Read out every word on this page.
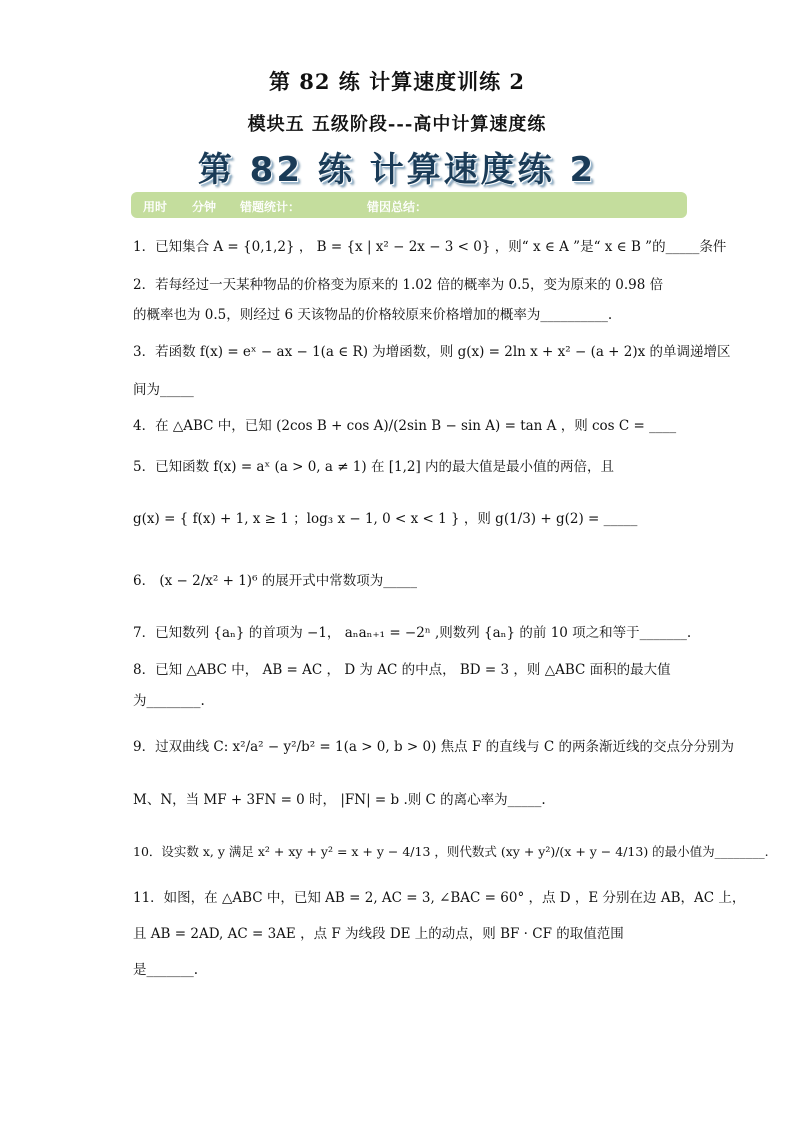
第 82 练 计算速度训练 2
模块五 五级阶段---高中计算速度练
第 82 练 计算速度练 2
用时 分钟 错题统计：	错因总结：
1．已知集合 A = {0,1,2} ， B = {x | x² − 2x − 3 < 0} ，则“ x ∈ A ”是“ x ∈ B ”的_____条件
2．若每经过一天某种物品的价格变为原来的 1.02 倍的概率为 0.5，变为原来的 0.98 倍
的概率也为 0.5，则经过 6 天该物品的价格较原来价格增加的概率为__________.
3．若函数 f(x) = eˣ − ax − 1(a ∈ R) 为增函数，则 g(x) = 2ln x + x² − (a + 2)x 的单调递增区
间为_____
4．在 △ABC 中，已知 (2cos B + cos A)/(2sin B − sin A) = tan A ，则 cos C = ____
5．已知函数 f(x) = aˣ (a > 0, a ≠ 1) 在 [1,2] 内的最大值是最小值的两倍，且
g(x) = { f(x) + 1, x ≥ 1 ；log₃ x − 1, 0 < x < 1 } ，则 g(1/3) + g(2) = _____
6． (x − 2/x² + 1)⁶ 的展开式中常数项为_____
7．已知数列 {aₙ} 的首项为 −1， aₙaₙ₊₁ = −2ⁿ ,则数列 {aₙ} 的前 10 项之和等于_______.
8．已知 △ABC 中， AB = AC ， D 为 AC 的中点， BD = 3 ，则 △ABC 面积的最大值
为________.
9．过双曲线 C: x²/a² − y²/b² = 1(a > 0, b > 0) 焦点 F 的直线与 C 的两条渐近线的交点分分别为
M、N，当 MF + 3FN = 0 时， |FN| = b .则 C 的离心率为_____.
10．设实数 x, y 满足 x² + xy + y² = x + y − 4/13 ，则代数式 (xy + y²)/(x + y − 4/13) 的最小值为________.
11．如图，在 △ABC 中，已知 AB = 2, AC = 3, ∠BAC = 60° ，点 D ，E 分别在边 AB，AC 上，
且 AB = 2AD, AC = 3AE ，点 F 为线段 DE 上的动点，则 BF · CF 的取值范围
是_______.
